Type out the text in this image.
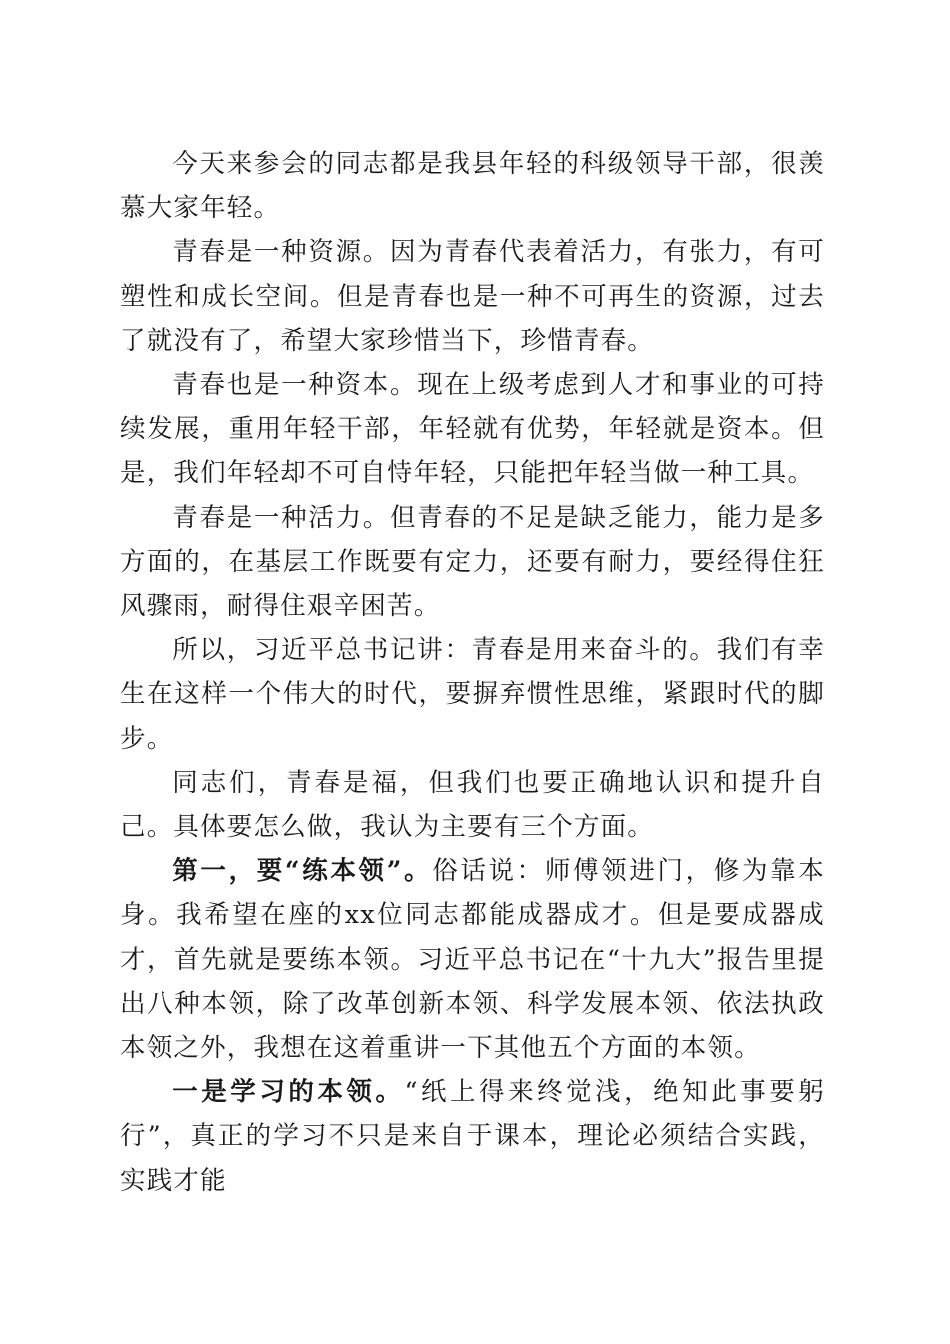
今天来参会的同志都是我县年轻的科级领导干部，很羡慕大家年轻。

青春是一种资源。因为青春代表着活力，有张力，有可塑性和成长空间。但是青春也是一种不可再生的资源，过去了就没有了，希望大家珍惜当下，珍惜青春。

青春也是一种资本。现在上级考虑到人才和事业的可持续发展，重用年轻干部，年轻就有优势，年轻就是资本。但是，我们年轻却不可自恃年轻，只能把年轻当做一种工具。

青春是一种活力。但青春的不足是缺乏能力，能力是多方面的，在基层工作既要有定力，还要有耐力，要经得住狂风骤雨，耐得住艰辛困苦。

所以，习近平总书记讲：青春是用来奋斗的。我们有幸生在这样一个伟大的时代，要摒弃惯性思维，紧跟时代的脚步。

同志们，青春是福，但我们也要正确地认识和提升自己。具体要怎么做，我认为主要有三个方面。

第一，要“练本领”。俗话说：师傅领进门，修为靠本身。我希望在座的xx位同志都能成器成才。但是要成器成才，首先就是要练本领。习近平总书记在“十九大”报告里提出八种本领，除了改革创新本领、科学发展本领、依法执政本领之外，我想在这着重讲一下其他五个方面的本领。

一是学习的本领。“纸上得来终觉浅，绝知此事要躬行”，真正的学习不只是来自于课本，理论必须结合实践，实践才能
